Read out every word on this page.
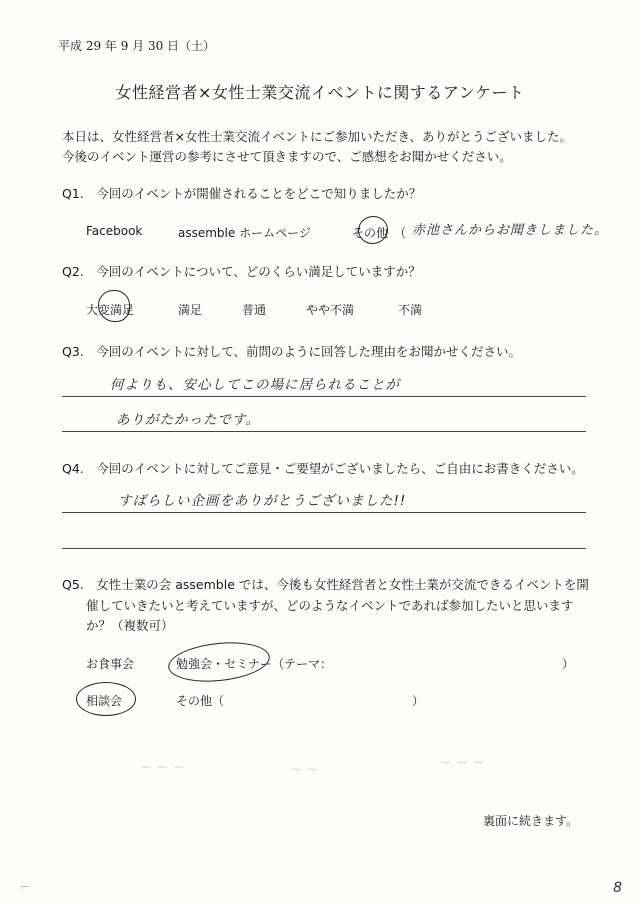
平成 29 年 9 月 30 日（土）
女性経営者×女性士業交流イベントに関するアンケート
本日は、女性経営者×女性士業交流イベントにご参加いただき、ありがとうございました。
今後のイベント運営の参考にさせて頂きますので、ご感想をお聞かせください。
Q1.　今回のイベントが開催されることをどこで知りましたか？
Facebook	assemble ホームページ	その他 （ 赤池さんからお聞きしました。
Q2.　今回のイベントについて、どのくらい満足していますか？
大変満足	満足	普通	やや不満	不満
Q3.　今回のイベントに対して、前問のように回答した理由をお聞かせください。
何よりも、安心してこの場に居られることが
ありがたかったです。
Q4.　今回のイベントに対してご意見・ご要望がございましたら、ご自由にお書きください。
すばらしい企画をありがとうございました!!
Q5.　女性士業の会 assemble では、今後も女性経営者と女性士業が交流できるイベントを開
催していきたいと考えていますが、どのようなイベントであれば参加したいと思います
か？（複数可）
お食事会	勉強会・セミナー（テーマ：	）
相談会	その他（	）
~ ~ ~	~ ~	~ ~ ~
裏面に続きます。
⌐	8
